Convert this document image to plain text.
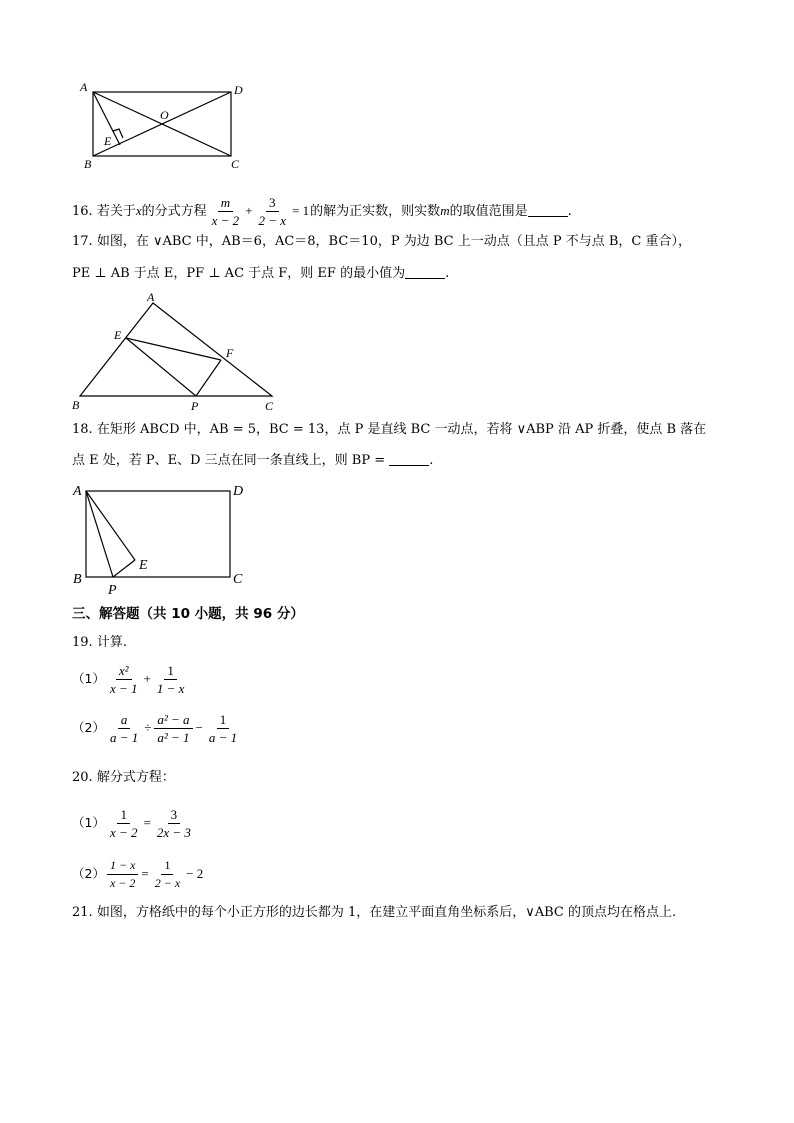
A	D
B	C
O
E
16. 若关于x的分式方程 $\frac{m}{x - 2} + \frac{3}{2 - x} = 1$的解为正实数，则实数m的取值范围是	.
17. 如图，在 ∨ABC 中，AB＝6，AC＝8，BC＝10，P 为边 BC 上一动点（且点 P 不与点 B，C 重合），
PE ⊥ AB 于点 E，PF ⊥ AC 于点 F，则 EF 的最小值为	.
A
E
F
B	P	C
18. 在矩形 ABCD 中，AB = 5，BC = 13，点 P 是直线 BC 一动点，若将 ∨ABP 沿 AP 折叠，使点 B 落在
点 E 处，若 P、E、D 三点在同一条直线上，则 BP =	.
A	D
B	C
E
P
三、解答题（共 10 小题，共 96 分）
19. 计算.
$(1) \frac{\text{x²}}{x - 1} + \frac{1}{1 - x}$
$(2) \frac{a}{a - 1} \div \frac{\text{a² − a}}{\text{a² − 1}} - \frac{1}{a - 1}$
20. 解分式方程：
$(1) \frac{1}{x - 2} = \frac{3}{2x - 3}$
$(2) \frac{1 - x}{x - 2} = \frac{1}{2 - x} - 2$
21. 如图，方格纸中的每个小正方形的边长都为 1，在建立平面直角坐标系后，∨ABC 的顶点均在格点上.
